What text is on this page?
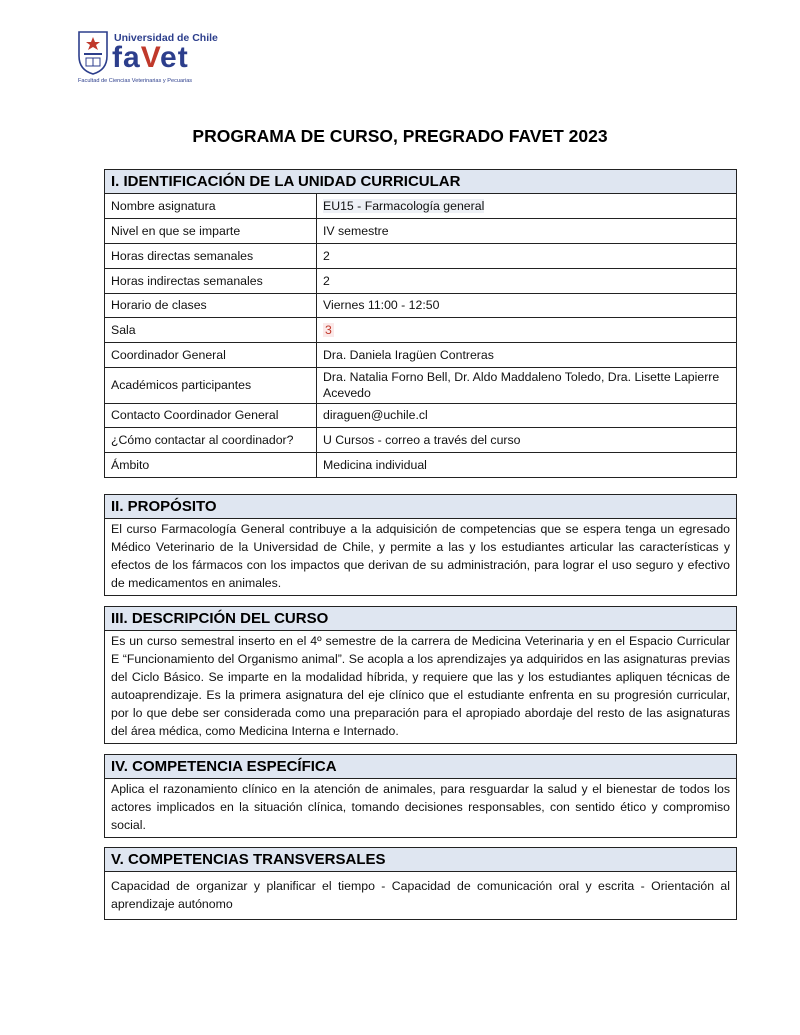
Universidad de Chile
faVet
Facultad de Ciencias Veterinarias y Pecuarias
PROGRAMA DE CURSO, PREGRADO FAVET 2023
I. IDENTIFICACIÓN DE LA UNIDAD CURRICULAR
Nombre asignatura	EU15 - Farmacología general
Nivel en que se imparte	IV semestre
Horas directas semanales	2
Horas indirectas semanales	2
Horario de clases	Viernes 11:00 - 12:50
Sala	3
Coordinador General	Dra. Daniela Iragüen Contreras
Académicos participantes	Dra. Natalia Forno Bell, Dr. Aldo Maddaleno Toledo, Dra. Lisette Lapierre Acevedo
Contacto Coordinador General	diraguen@uchile.cl
¿Cómo contactar al coordinador?	U Cursos - correo a través del curso
Ámbito	Medicina individual
II. PROPÓSITO
El curso Farmacología General contribuye a la adquisición de competencias que se espera tenga un egresado Médico Veterinario de la Universidad de Chile, y permite a las y los estudiantes articular las características y efectos de los fármacos con los impactos que derivan de su administración, para lograr el uso seguro y efectivo de medicamentos en animales.
III. DESCRIPCIÓN DEL CURSO
Es un curso semestral inserto en el 4º semestre de la carrera de Medicina Veterinaria y en el Espacio Curricular E “Funcionamiento del Organismo animal”. Se acopla a los aprendizajes ya adquiridos en las asignaturas previas del Ciclo Básico. Se imparte en la modalidad híbrida, y requiere que las y los estudiantes apliquen técnicas de autoaprendizaje. Es la primera asignatura del eje clínico que el estudiante enfrenta en su progresión curricular, por lo que debe ser considerada como una preparación para el apropiado abordaje del resto de las asignaturas del área médica, como Medicina Interna e Internado.
IV. COMPETENCIA ESPECÍFICA
Aplica el razonamiento clínico en la atención de animales, para resguardar la salud y el bienestar de todos los actores implicados en la situación clínica, tomando decisiones responsables, con sentido ético y compromiso social.
V. COMPETENCIAS TRANSVERSALES
Capacidad de organizar y planificar el tiempo - Capacidad de comunicación oral y escrita - Orientación al aprendizaje autónomo
